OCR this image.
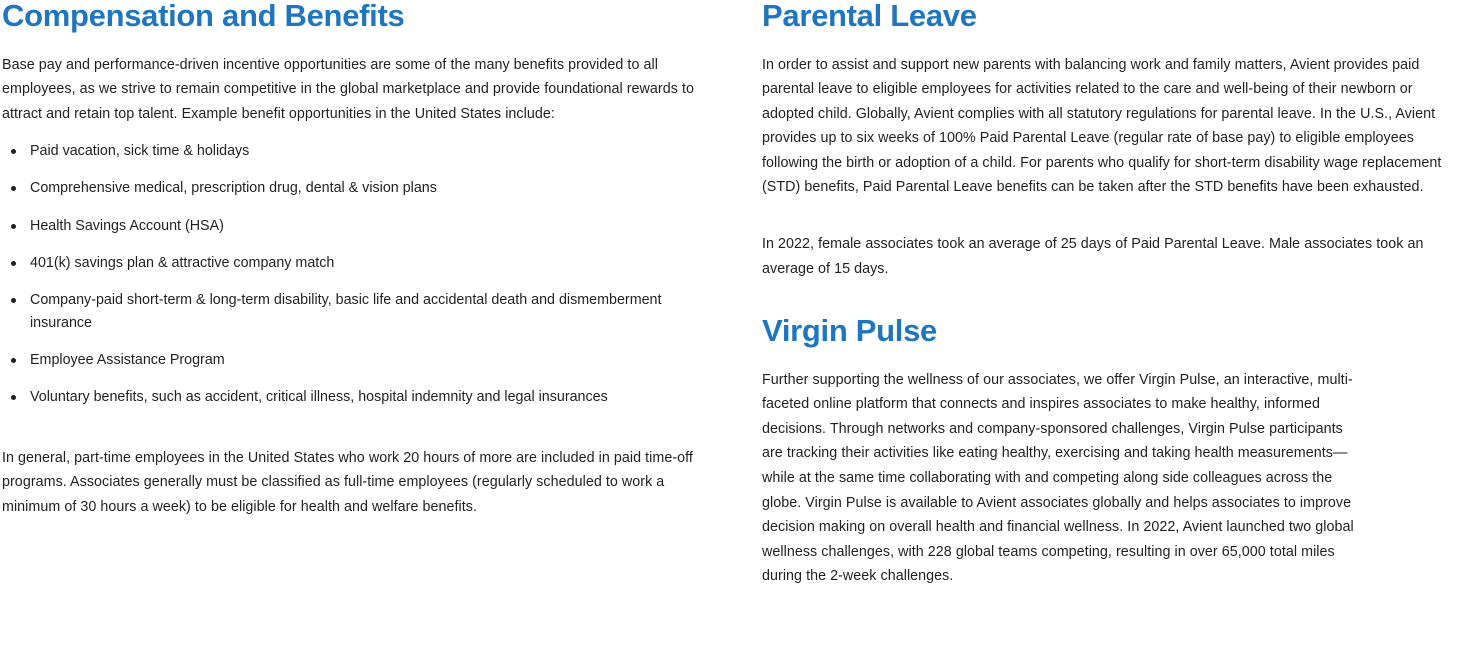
Compensation and Benefits

Base pay and performance-driven incentive opportunities are some of the many benefits provided to all employees, as we strive to remain competitive in the global marketplace and provide foundational rewards to attract and retain top talent. Example benefit opportunities in the United States include:

Paid vacation, sick time & holidays
Comprehensive medical, prescription drug, dental & vision plans
Health Savings Account (HSA)
401(k) savings plan & attractive company match
Company-paid short-term & long-term disability, basic life and accidental death and dismemberment insurance
Employee Assistance Program
Voluntary benefits, such as accident, critical illness, hospital indemnity and legal insurances

In general, part-time employees in the United States who work 20 hours of more are included in paid time-off programs. Associates generally must be classified as full-time employees (regularly scheduled to work a minimum of 30 hours a week) to be eligible for health and welfare benefits.

Parental Leave

In order to assist and support new parents with balancing work and family matters, Avient provides paid parental leave to eligible employees for activities related to the care and well-being of their newborn or adopted child. Globally, Avient complies with all statutory regulations for parental leave. In the U.S., Avient provides up to six weeks of 100% Paid Parental Leave (regular rate of base pay) to eligible employees following the birth or adoption of a child. For parents who qualify for short-term disability wage replacement (STD) benefits, Paid Parental Leave benefits can be taken after the STD benefits have been exhausted.

In 2022, female associates took an average of 25 days of Paid Parental Leave. Male associates took an average of 15 days.

Virgin Pulse

Further supporting the wellness of our associates, we offer Virgin Pulse, an interactive, multi-faceted online platform that connects and inspires associates to make healthy, informed decisions. Through networks and company-sponsored challenges, Virgin Pulse participants are tracking their activities like eating healthy, exercising and taking health measurements—while at the same time collaborating with and competing along side colleagues across the globe. Virgin Pulse is available to Avient associates globally and helps associates to improve decision making on overall health and financial wellness. In 2022, Avient launched two global wellness challenges, with 228 global teams competing, resulting in over 65,000 total miles during the 2-week challenges.
